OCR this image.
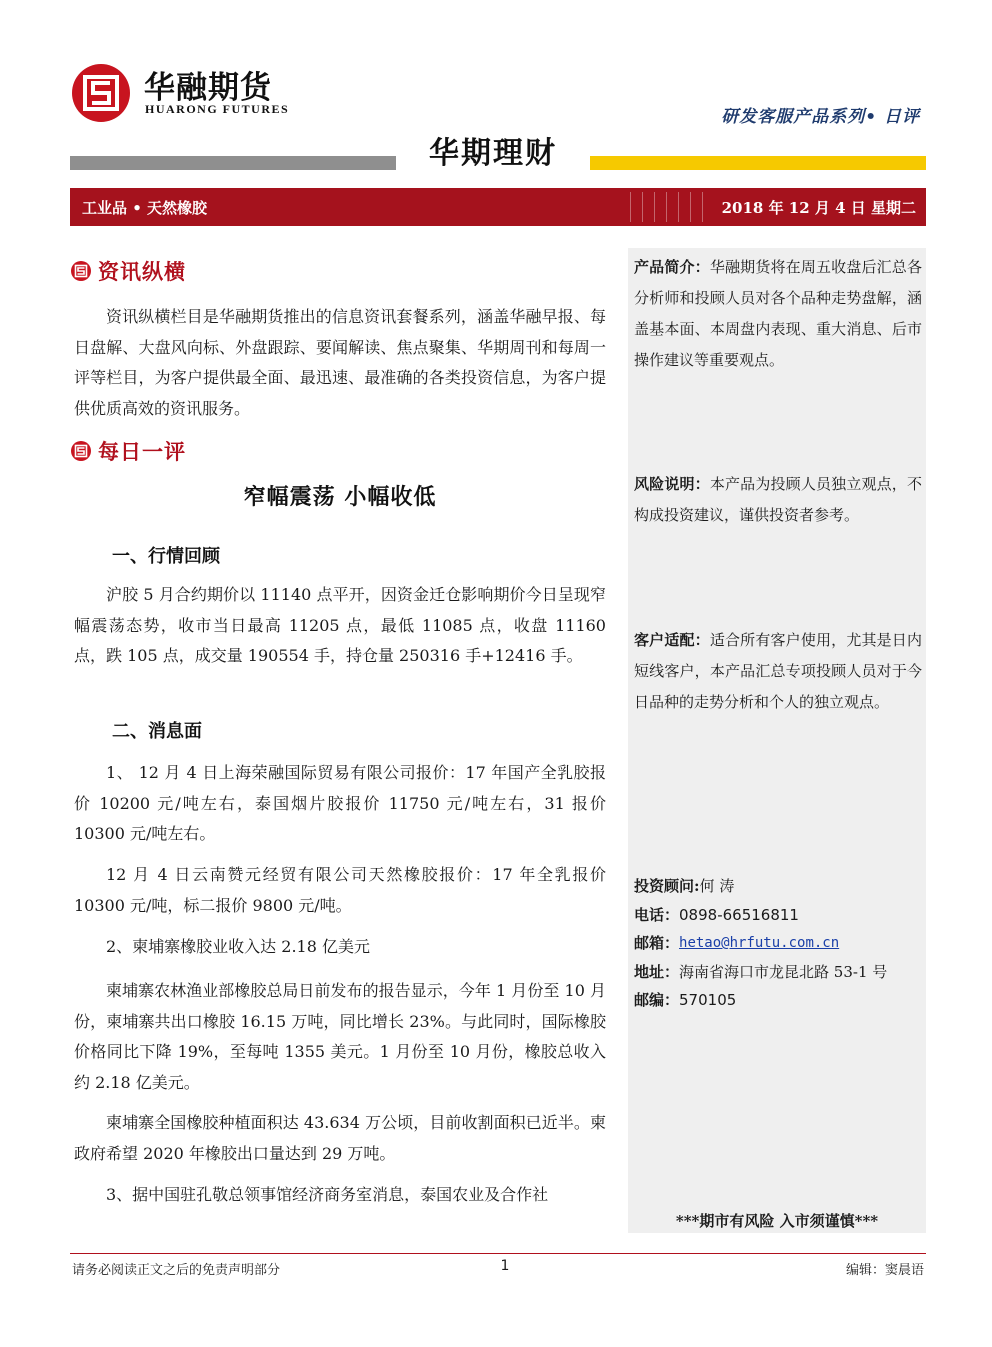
华融期货
HUARONG FUTURES	研发客服产品系列• 日评
华期理财
工业品 • 天然橡胶	2018 年 12 月 4 日 星期二
资讯纵横
资讯纵横栏目是华融期货推出的信息资讯套餐系列，涵盖华融早报、每日盘解、大盘风向标、外盘跟踪、要闻解读、焦点聚集、华期周刊和每周一评等栏目，为客户提供最全面、最迅速、最准确的各类投资信息，为客户提供优质高效的资讯服务。
每日一评
窄幅震荡 小幅收低
一、行情回顾
沪胶 5 月合约期价以 11140 点平开，因资金迁仓影响期价今日呈现窄幅震荡态势，收市当日最高 11205 点，最低 11085 点，收盘 11160 点，跌 105 点，成交量 190554 手，持仓量 250316 手+12416 手。
二、消息面
1、 12 月 4 日上海荣融国际贸易有限公司报价：17 年国产全乳胶报价 10200 元/吨左右，泰国烟片胶报价 11750 元/吨左右，31 报价 10300 元/吨左右。
12 月 4 日云南赞元经贸有限公司天然橡胶报价：17 年全乳报价 10300 元/吨，标二报价 9800 元/吨。
2、柬埔寨橡胶业收入达 2.18 亿美元
柬埔寨农林渔业部橡胶总局日前发布的报告显示，今年 1 月份至 10 月份，柬埔寨共出口橡胶 16.15 万吨，同比增长 23%。与此同时，国际橡胶价格同比下降 19%，至每吨 1355 美元。1 月份至 10 月份，橡胶总收入约 2.18 亿美元。
柬埔寨全国橡胶种植面积达 43.634 万公顷，目前收割面积已近半。柬政府希望 2020 年橡胶出口量达到 29 万吨。
3、据中国驻孔敬总领事馆经济商务室消息，泰国农业及合作社
产品简介：华融期货将在周五收盘后汇总各分析师和投顾人员对各个品种走势盘解，涵盖基本面、本周盘内表现、重大消息、后市操作建议等重要观点。
风险说明：本产品为投顾人员独立观点，不构成投资建议，谨供投资者参考。
客户适配：适合所有客户使用，尤其是日内短线客户，本产品汇总专项投顾人员对于今日品种的走势分析和个人的独立观点。
投资顾问: 何 涛
电话： 0898-66516811
邮箱： hetao@hrfutu.com.cn
地址： 海南省海口市龙昆北路 53-1 号
邮编： 570105
***期市有风险 入市须谨慎***
请务必阅读正文之后的免责声明部分	1	编辑：窦晨语
